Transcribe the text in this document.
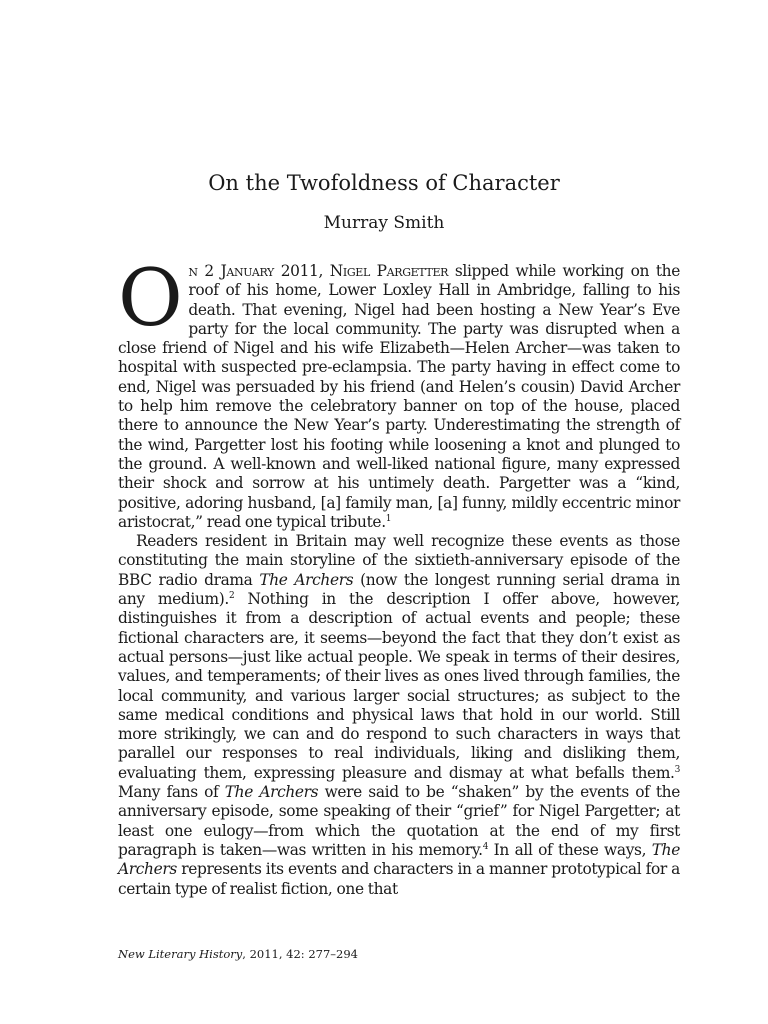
On the Twofoldness of Character
Murray Smith

On 2 January 2011, Nigel Pargetter slipped while working on the roof of his home, Lower Loxley Hall in Ambridge, falling to his death. That evening, Nigel had been hosting a New Year’s Eve party for the local community. The party was disrupted when a close friend of Nigel and his wife Elizabeth—Helen Archer—was taken to hospital with suspected pre-eclampsia. The party having in effect come to end, Nigel was persuaded by his friend (and Helen’s cousin) David Archer to help him remove the celebratory banner on top of the house, placed there to announce the New Year’s party. Underestimating the strength of the wind, Pargetter lost his footing while loosening a knot and plunged to the ground. A well-known and well-liked national figure, many expressed their shock and sorrow at his untimely death. Pargetter was a “kind, positive, adoring husband, [a] family man, [a] funny, mildly eccentric minor aristocrat,” read one typical tribute.$^1$

Readers resident in Britain may well recognize these events as those constituting the main storyline of the sixtieth-anniversary episode of the BBC radio drama The Archers (now the longest running serial drama in any medium).$^2$ Nothing in the description I offer above, however, distinguishes it from a description of actual events and people; these fictional characters are, it seems—beyond the fact that they don’t exist as actual persons—just like actual people. We speak in terms of their desires, values, and temperaments; of their lives as ones lived through families, the local community, and various larger social structures; as subject to the same medical conditions and physical laws that hold in our world. Still more strikingly, we can and do respond to such characters in ways that parallel our responses to real individuals, liking and disliking them, evaluating them, expressing pleasure and dismay at what befalls them.$^3$ Many fans of The Archers were said to be “shaken” by the events of the anniversary episode, some speaking of their “grief” for Nigel Pargetter; at least one eulogy—from which the quotation at the end of my first paragraph is taken—was written in his memory.$^4$ In all of these ways, The Archers represents its events and characters in a manner prototypical for a certain type of realist fiction, one that

New Literary History, 2011, 42: 277–294
